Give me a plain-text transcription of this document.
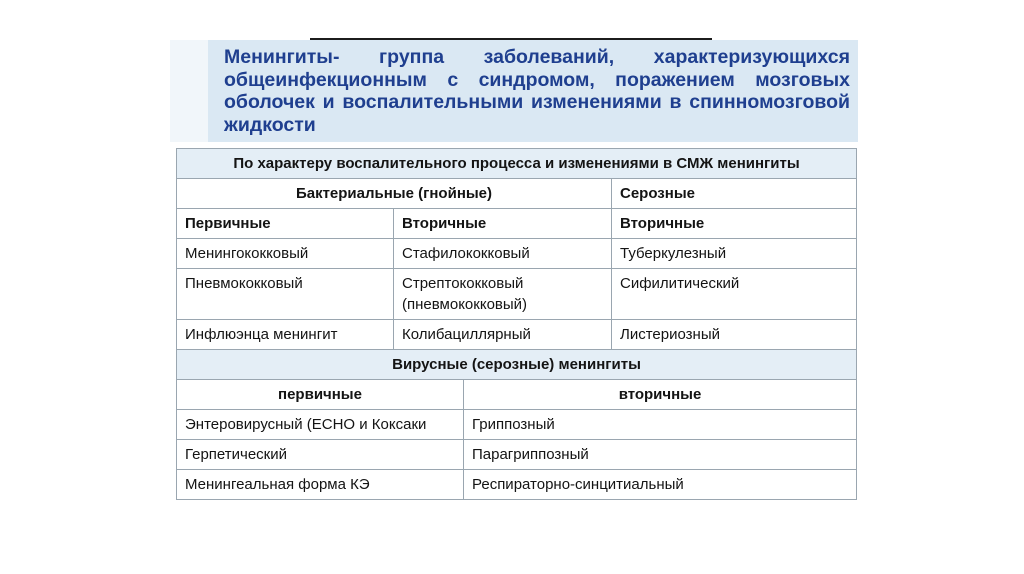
Менингиты- группа заболеваний, характеризующихся общеинфекционным с синдромом, поражением мозговых оболочек и воспалительными изменениями в спинномозговой жидкости

По характеру воспалительного процесса и изменениями в СМЖ менингиты			
Бактериальные (гнойные)			Серозные
Первичные	Вторичные		Вторичные
Менингококковый	Стафилококковый		Туберкулезный
Пневмококковый	Стрептококковый (пневмококковый)		Сифилитический
Инфлюэнца менингит	Колибациллярный		Листериозный
Вирусные (серозные) менингиты			
первичные		вторичные	
Энтеровирусный (ЕСНО и Коксаки		Гриппозный	
Герпетический		Парагриппозный	
Менингеальная форма КЭ		Респираторно-синцитиальный	
